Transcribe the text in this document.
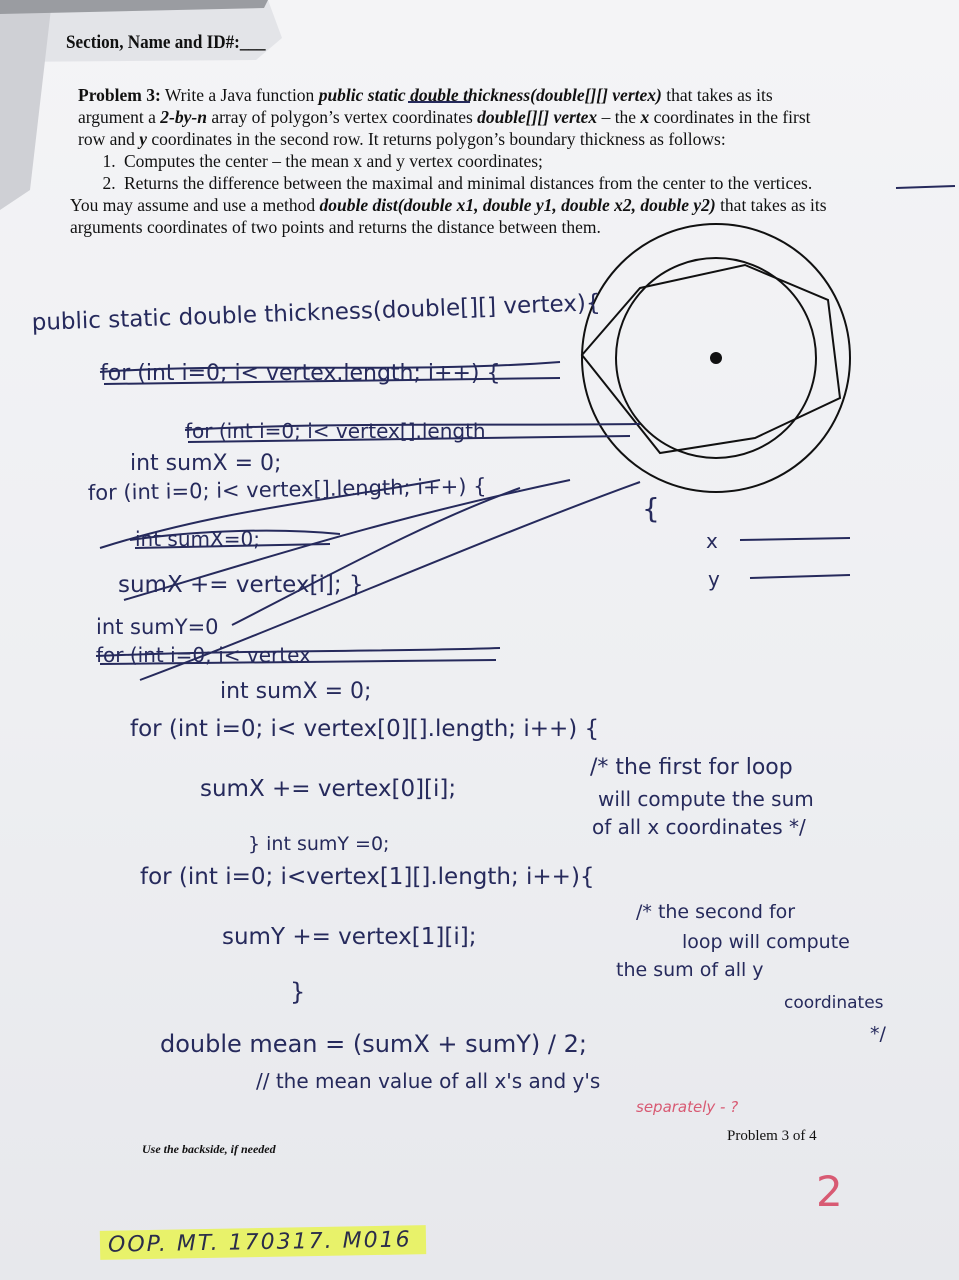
Section, Name and ID#:___

Problem 3: Write a Java function public static double thickness(double[][] vertex) that takes as its
argument a 2-by-n array of polygon’s vertex coordinates double[][] vertex – the x coordinates in the first
row and y coordinates in the second row. It returns polygon’s boundary thickness as follows:

1. Computes the center – the mean x and y vertex coordinates;
2. Returns the difference between the maximal and minimal distances from the center to the vertices.

You may assume and use a method double dist(double x1, double y1, double x2, double y2) that takes as its
arguments coordinates of two points and returns the distance between them.

public static double thickness(double[][] vertex){
for (int i=0; i< vertex.length; i++) {
for (int i=0; i< vertex[].length
int sumX = 0;
for (int i=0; i< vertex[].length; i++) {
{
int sumX=0;
sumX += vertex[i]; }
int sumY=0
for (int i=0; i< vertex
int sumX = 0;
for (int i=0; i< vertex[0][].length; i++) {
sumX += vertex[0][i];
/* the first for loop
will compute the sum
of all x coordinates */
} int sumY =0;
for (int i=0; i<vertex[1][].length; i++){
sumY += vertex[1][i];
/* the second for
loop will compute
the sum of all y
coordinates
*/
}
double mean = (sumX + sumY) / 2;
// the mean value of all x's and y's
x
y
separately - ?
2
Use the backside, if needed
Problem 3 of 4
OOP. MT. 170317. M016
